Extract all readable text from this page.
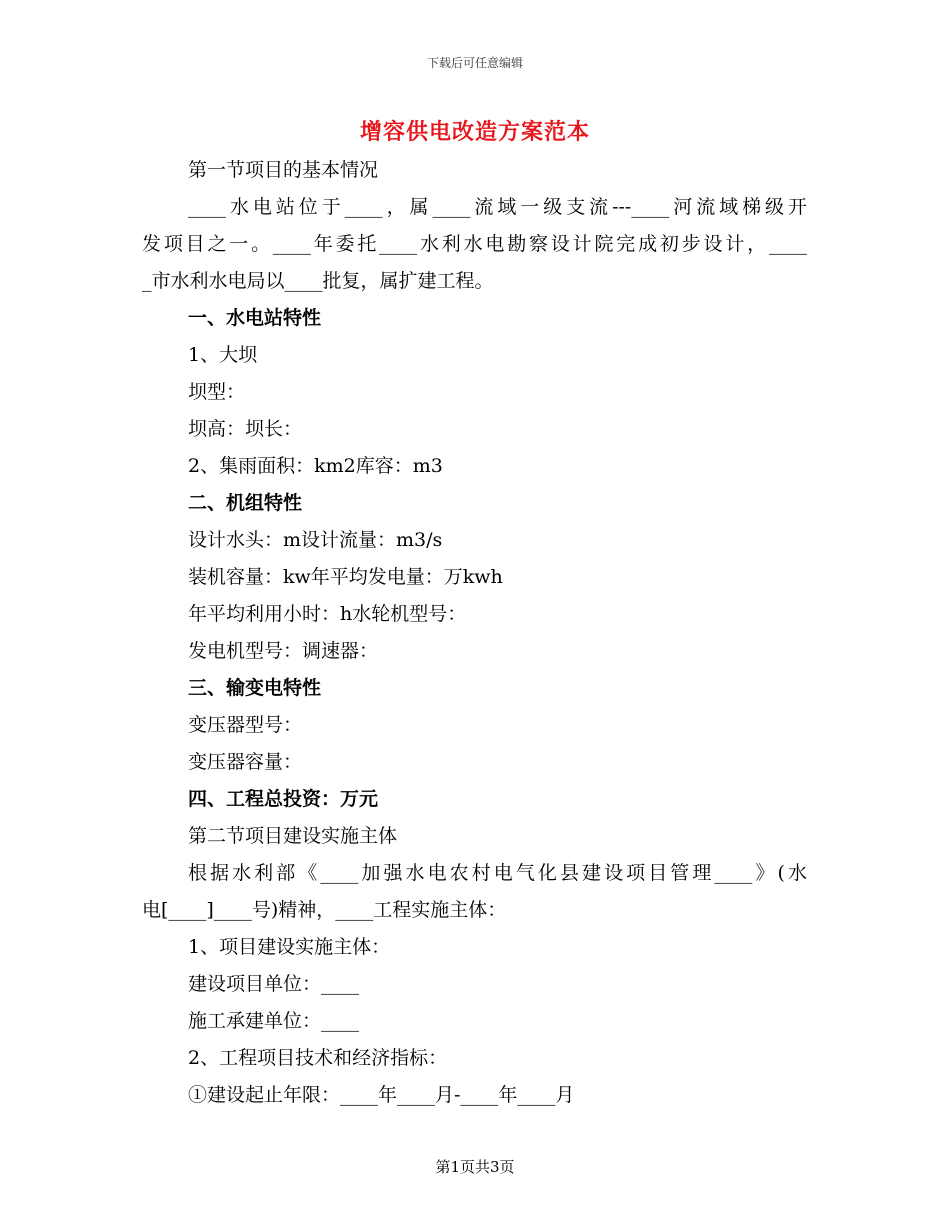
下载后可任意编辑
增容供电改造方案范本
第一节项目的基本情况
____水电站位于____，属____流域一级支流---____河流域梯级开
发项目之一。____年委托____水利水电勘察设计院完成初步设计，____
_市水利水电局以____批复，属扩建工程。
一、水电站特性
1、大坝
坝型：
坝高：坝长：
2、集雨面积：km2库容：m3
二、机组特性
设计水头：m设计流量：m3/s
装机容量：kw年平均发电量：万kwh
年平均利用小时：h水轮机型号：
发电机型号：调速器：
三、输变电特性
变压器型号：
变压器容量：
四、工程总投资：万元
第二节项目建设实施主体
根据水利部《____加强水电农村电气化县建设项目管理____》(水
电[____]____号)精神，____工程实施主体：
1、项目建设实施主体：
建设项目单位：____
施工承建单位：____
2、工程项目技术和经济指标：
①建设起止年限：____年____月-____年____月
第1页共3页
